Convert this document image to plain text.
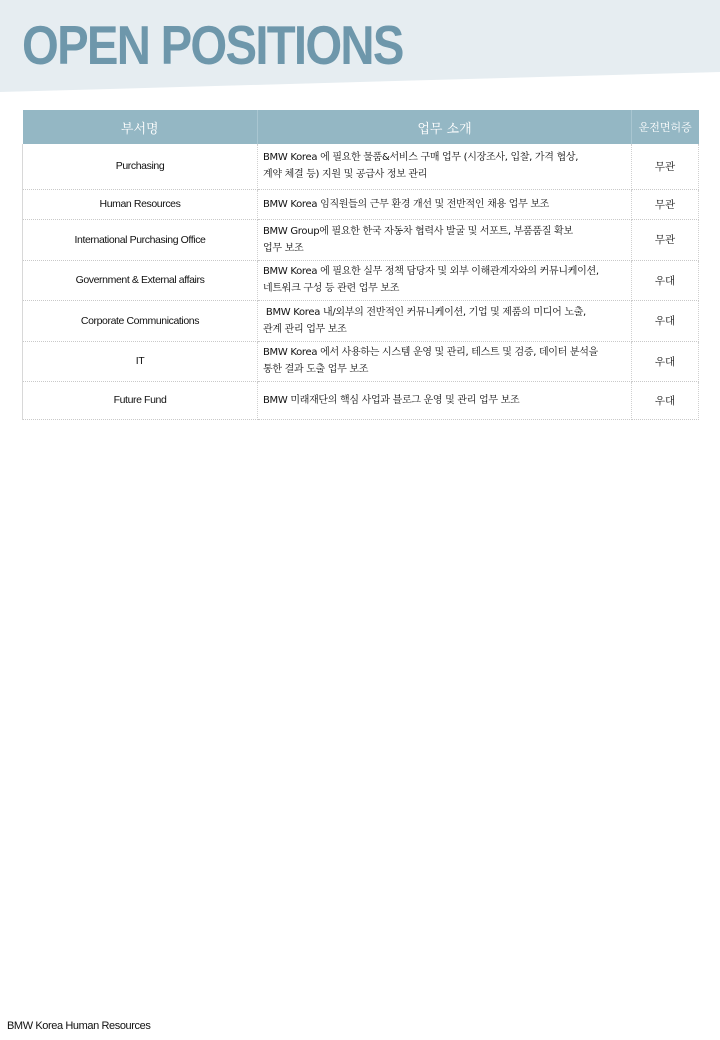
OPEN POSITIONS
부서명	업무 소개	운전면허증
Purchasing	BMW Korea 에 필요한 물품&서비스 구매 업무 (시장조사, 입찰, 가격 협상,
계약 체결 등) 지원 및 공급사 정보 관리	무관
Human Resources	BMW Korea 임직원들의 근무 환경 개선 및 전반적인 채용 업무 보조	무관
International Purchasing Office	BMW Group에 필요한 한국 자동차 협력사 발굴 및 서포트, 부품품질 확보
업무 보조	무관
Government & External affairs	BMW Korea 에 필요한 실무 정책 담당자 및 외부 이해관계자와의 커뮤니케이션,
네트워크 구성 등 관련 업무 보조	우대
Corporate Communications	BMW Korea 내/외부의 전반적인 커뮤니케이션, 기업 및 제품의 미디어 노출,
관계 관리 업무 보조	우대
IT	BMW Korea 에서 사용하는 시스템 운영 및 관리, 테스트 및 검증, 데이터 분석을
통한 결과 도출 업무 보조	우대
Future Fund	BMW 미래재단의 핵심 사업과 블로그 운영 및 관리 업무 보조	우대
BMW Korea Human Resources
